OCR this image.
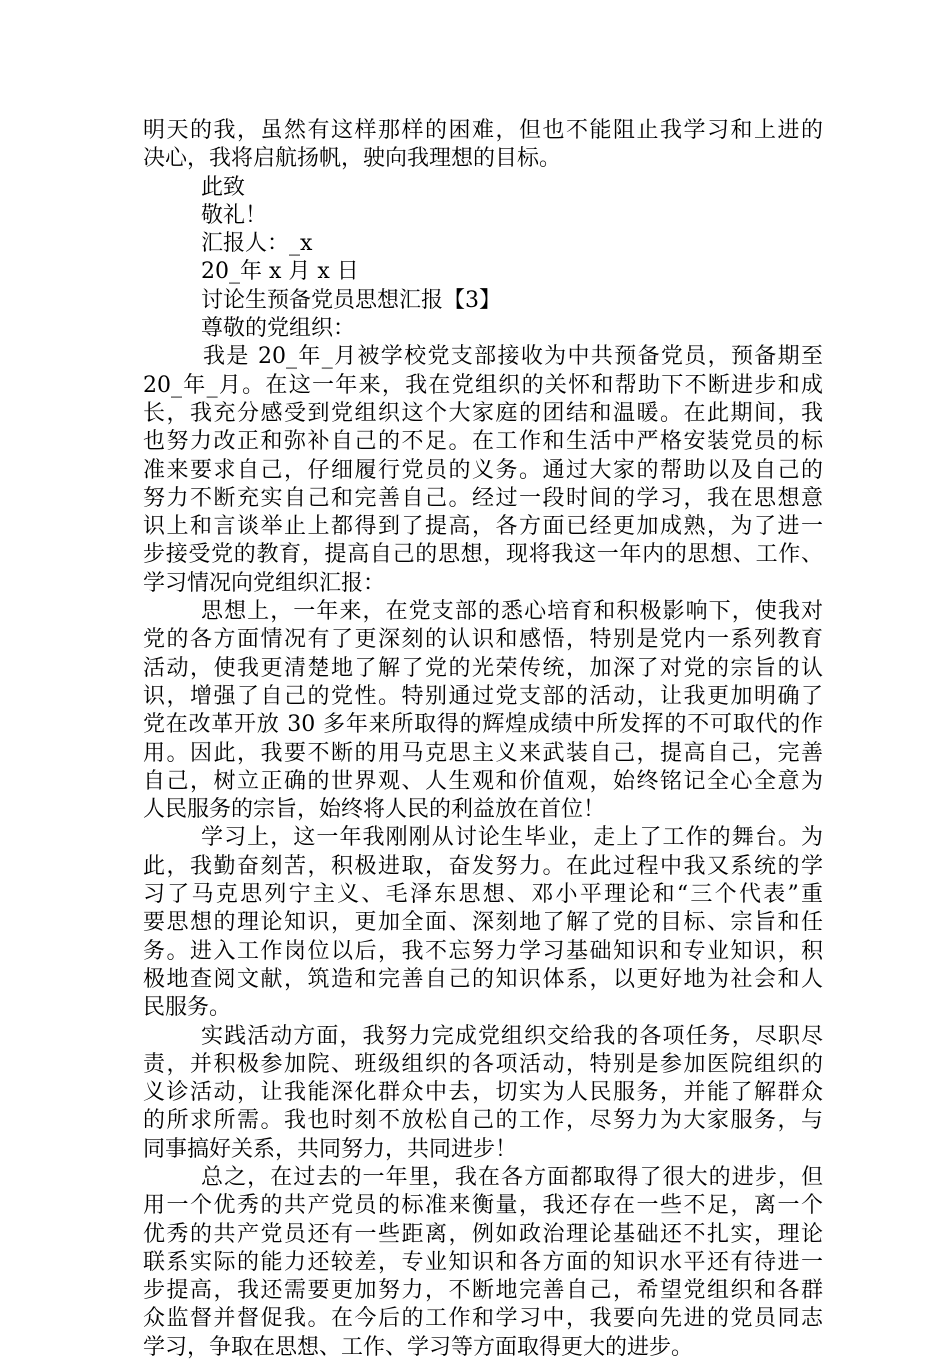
明天的我，虽然有这样那样的困难，但也不能阻止我学习和上进的
决心，我将启航扬帆，驶向我理想的目标。
此致
敬礼！
汇报人：_x
20_年 x 月 x 日
讨论生预备党员思想汇报【3】
尊敬的党组织：
我是 20_年_月被学校党支部接收为中共预备党员，预备期至
20_年_月。在这一年来，我在党组织的关怀和帮助下不断进步和成
长，我充分感受到党组织这个大家庭的团结和温暖。在此期间，我
也努力改正和弥补自己的不足。在工作和生活中严格安装党员的标
准来要求自己，仔细履行党员的义务。通过大家的帮助以及自己的
努力不断充实自己和完善自己。经过一段时间的学习，我在思想意
识上和言谈举止上都得到了提高，各方面已经更加成熟，为了进一
步接受党的教育，提高自己的思想，现将我这一年内的思想、工作、
学习情况向党组织汇报：
思想上，一年来，在党支部的悉心培育和积极影响下，使我对
党的各方面情况有了更深刻的认识和感悟，特别是党内一系列教育
活动，使我更清楚地了解了党的光荣传统，加深了对党的宗旨的认
识，增强了自己的党性。特别通过党支部的活动，让我更加明确了
党在改革开放 30 多年来所取得的辉煌成绩中所发挥的不可取代的作
用。因此，我要不断的用马克思主义来武装自己，提高自己，完善
自己，树立正确的世界观、人生观和价值观，始终铭记全心全意为
人民服务的宗旨，始终将人民的利益放在首位！
学习上，这一年我刚刚从讨论生毕业，走上了工作的舞台。为
此，我勤奋刻苦，积极进取，奋发努力。在此过程中我又系统的学
习了马克思列宁主义、毛泽东思想、邓小平理论和“三个代表”重
要思想的理论知识，更加全面、深刻地了解了党的目标、宗旨和任
务。进入工作岗位以后，我不忘努力学习基础知识和专业知识，积
极地查阅文献，筑造和完善自己的知识体系，以更好地为社会和人
民服务。
实践活动方面，我努力完成党组织交给我的各项任务，尽职尽
责，并积极参加院、班级组织的各项活动，特别是参加医院组织的
义诊活动，让我能深化群众中去，切实为人民服务，并能了解群众
的所求所需。我也时刻不放松自己的工作，尽努力为大家服务，与
同事搞好关系，共同努力，共同进步！
总之，在过去的一年里，我在各方面都取得了很大的进步，但
用一个优秀的共产党员的标准来衡量，我还存在一些不足，离一个
优秀的共产党员还有一些距离，例如政治理论基础还不扎实，理论
联系实际的能力还较差，专业知识和各方面的知识水平还有待进一
步提高，我还需要更加努力，不断地完善自己，希望党组织和各群
众监督并督促我。在今后的工作和学习中，我要向先进的党员同志
学习，争取在思想、工作、学习等方面取得更大的进步。
